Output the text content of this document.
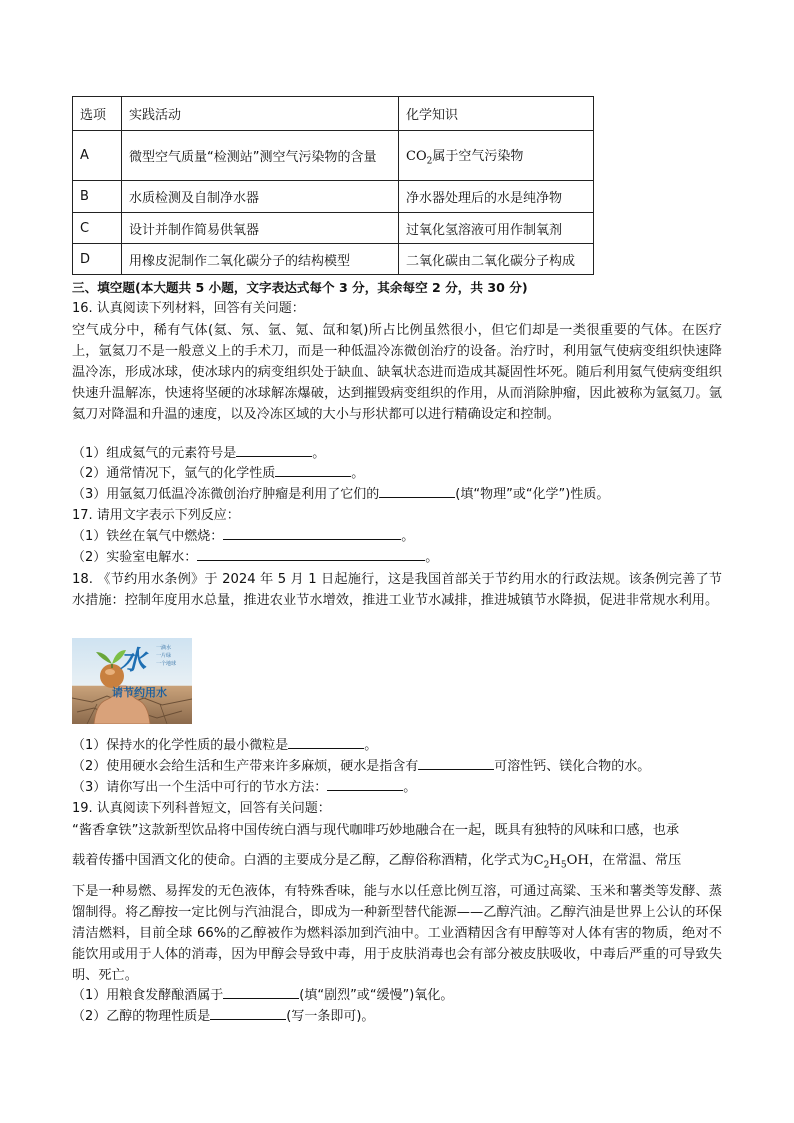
选项	实践活动	化学知识
A	微型空气质量“检测站”测空气污染物的含量	$CO_2$属于空气污染物
B	水质检测及自制净水器	净水器处理后的水是纯净物
C	设计并制作简易供氧器	过氧化氢溶液可用作制氧剂
D	用橡皮泥制作二氧化碳分子的结构模型	二氧化碳由二氧化碳分子构成
三、填空题(本大题共 5 小题，文字表达式每个 3 分，其余每空 2 分，共 30 分)
16. 认真阅读下列材料，回答有关问题：
空气成分中，稀有气体(氦、氖、氩、氪、氙和氡)所占比例虽然很小，但它们却是一类很重要的气体。在医疗上，氩氦刀不是一般意义上的手术刀，而是一种低温冷冻微创治疗的设备。治疗时，利用氩气使病变组织快速降温冷冻，形成冰球，使冰球内的病变组织处于缺血、缺氧状态进而造成其凝固性坏死。随后利用氦气使病变组织快速升温解冻，快速将坚硬的冰球解冻爆破，达到摧毁病变组织的作用，从而消除肿瘤，因此被称为氩氦刀。氩氦刀对降温和升温的速度，以及冷冻区域的大小与形状都可以进行精确设定和控制。
（1）组成氦气的元素符号是	。
（2）通常情况下，氩气的化学性质	。
（3）用氩氦刀低温冷冻微创治疗肿瘤是利用了它们的	(填“物理”或“化学”)性质。
17. 请用文字表示下列反应：
（1）铁丝在氧气中燃烧：	。
（2）实验室电解水：	。
18. 《节约用水条例》于 2024 年 5 月 1 日起施行，这是我国首部关于节约用水的行政法规。该条例完善了节水措施：控制年度用水总量，推进农业节水增效，推进工业节水减排，推进城镇节水降损，促进非常规水利用。
水 一滴水
一片绿
一个地球
请节约用水
（1）保持水的化学性质的最小微粒是	。
（2）使用硬水会给生活和生产带来许多麻烦，硬水是指含有	可溶性钙、镁化合物的水。
（3）请你写出一个生活中可行的节水方法：	。
19. 认真阅读下列科普短文，回答有关问题：
“酱香拿铁”这款新型饮品将中国传统白酒与现代咖啡巧妙地融合在一起，既具有独特的风味和口感，也承
载着传播中国酒文化的使命。白酒的主要成分是乙醇，乙醇俗称酒精，化学式为$C_2H_5OH$，在常温、常压
下是一种易燃、易挥发的无色液体，有特殊香味，能与水以任意比例互溶，可通过高粱、玉米和薯类等发酵、蒸馏制得。将乙醇按一定比例与汽油混合，即成为一种新型替代能源——乙醇汽油。乙醇汽油是世界上公认的环保清洁燃料，目前全球 66%的乙醇被作为燃料添加到汽油中。工业酒精因含有甲醇等对人体有害的物质，绝对不能饮用或用于人体的消毒，因为甲醇会导致中毒，用于皮肤消毒也会有部分被皮肤吸收，中毒后严重的可导致失明、死亡。
（1）用粮食发酵酿酒属于	(填“剧烈”或“缓慢”)氧化。
（2）乙醇的物理性质是	(写一条即可)。
